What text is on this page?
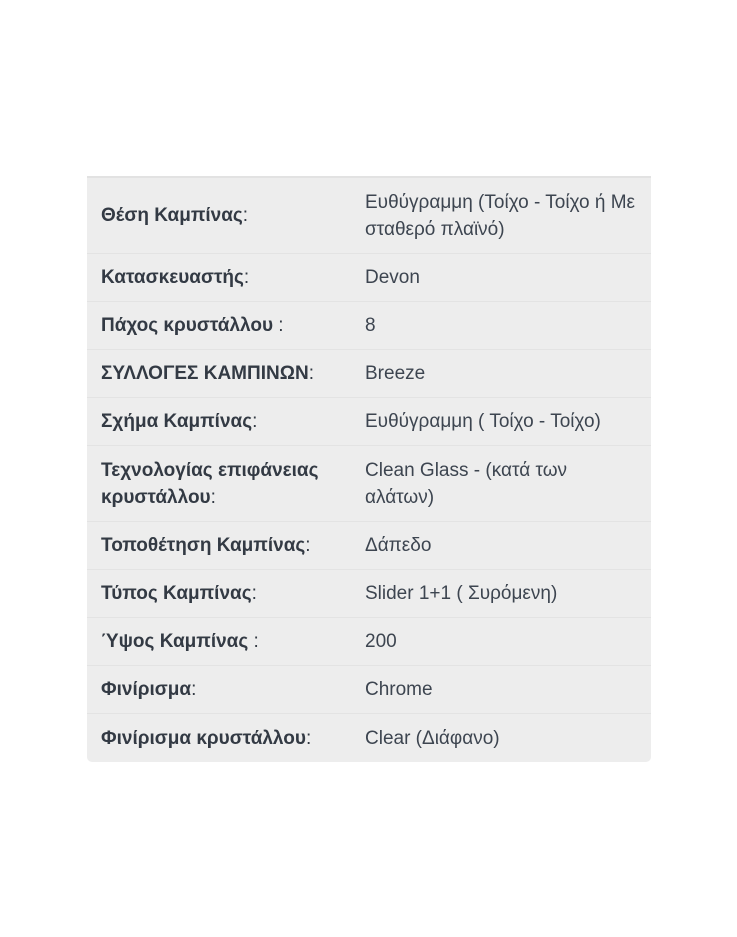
Θέση Καμπίνας:
Ευθύγραμμη (Τοίχο - Τοίχο ή Με σταθερό πλαϊνό)
Κατασκευαστής:	Devon
Πάχος κρυστάλλου :	8
ΣΥΛΛΟΓΕΣ ΚΑΜΠΙΝΩΝ:	Breeze
Σχήμα Καμπίνας:	Ευθύγραμμη ( Τοίχο - Τοίχο)
Τεχνολογίας επιφάνειας κρυστάλλου:
Clean Glass - (κατά των αλάτων)
Τοποθέτηση Καμπίνας:	Δάπεδο
Τύπος Καμπίνας:	Slider 1+1 ( Συρόμενη)
Ύψος Καμπίνας :	200
Φινίρισμα:	Chrome
Φινίρισμα κρυστάλλου:	Clear (Διάφανο)
